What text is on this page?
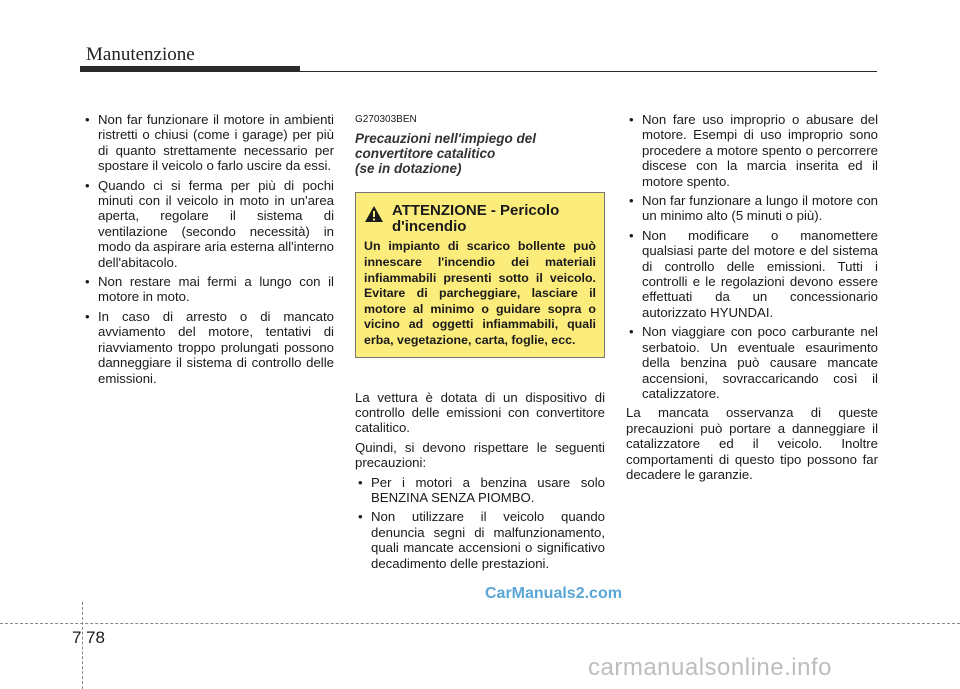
Manutenzione
• Non far funzionare il motore in ambienti ristretti o chiusi (come i garage) per più di quanto strettamente necessario per spostare il veicolo o farlo uscire da essi.
• Quando ci si ferma per più di pochi minuti con il veicolo in moto in un'area aperta, regolare il sistema di ventilazione (secondo necessità) in modo da aspirare aria esterna all'interno dell'abitacolo.
• Non restare mai fermi a lungo con il motore in moto.
• In caso di arresto o di mancato avviamento del motore, tentativi di riavviamento troppo prolungati possono danneggiare il sistema di controllo delle emissioni.
G270303BEN
Precauzioni nell'impiego del
convertitore catalitico
(se in dotazione)
ATTENZIONE - Pericolo
d'incendio
Un impianto di scarico bollente può innescare l'incendio dei materiali infiammabili presenti sotto il veicolo. Evitare di parcheggiare, lasciare il motore al minimo o guidare sopra o vicino ad oggetti infiammabili, quali erba, vegetazione, carta, foglie, ecc.

La vettura è dotata di un dispositivo di controllo delle emissioni con convertitore catalitico.

Quindi, si devono rispettare le seguenti precauzioni:

• Per i motori a benzina usare solo BENZINA SENZA PIOMBO.
• Non utilizzare il veicolo quando denuncia segni di malfunzionamento, quali mancate accensioni o significativo decadimento delle prestazioni.
• Non fare uso improprio o abusare del motore. Esempi di uso improprio sono procedere a motore spento o percorrere discese con la marcia inserita ed il motore spento.
• Non far funzionare a lungo il motore con un minimo alto (5 minuti o più).
• Non modificare o manomettere qualsiasi parte del motore e del sistema di controllo delle emissioni. Tutti i controlli e le regolazioni devono essere effettuati da un concessionario autorizzato HYUNDAI.
• Non viaggiare con poco carburante nel serbatoio. Un eventuale esaurimento della benzina può causare mancate accensioni, sovraccaricando così il catalizzatore.

La mancata osservanza di queste precauzioni può portare a danneggiare il catalizzatore ed il veicolo. Inoltre comportamenti di questo tipo possono far decadere le garanzie.

CarManuals2.com
7 78
carmanualsonline.info
